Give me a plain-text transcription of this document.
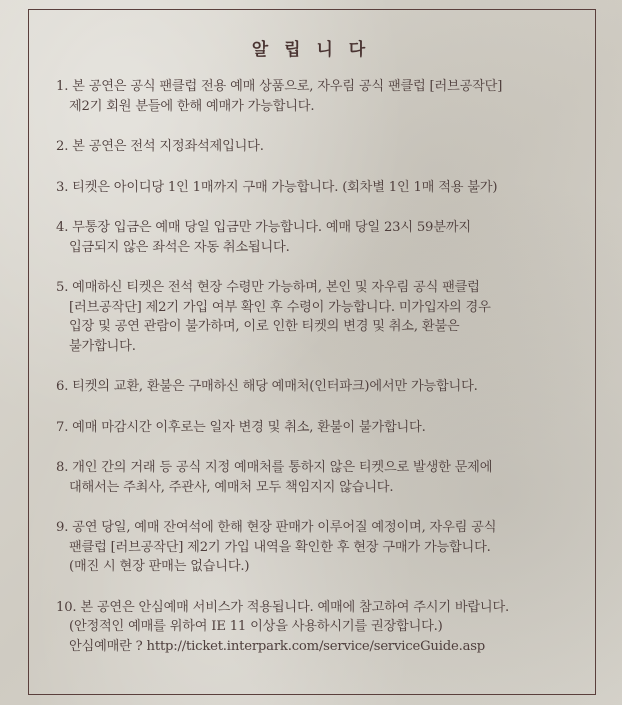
알 립 니 다
1. 본 공연은 공식 팬클럽 전용 예매 상품으로, 자우림 공식 팬클럽 [러브공작단]
제2기 회원 분들에 한해 예매가 가능합니다.
2. 본 공연은 전석 지정좌석제입니다.
3. 티켓은 아이디당 1인 1매까지 구매 가능합니다. (회차별 1인 1매 적용 불가)
4. 무통장 입금은 예매 당일 입금만 가능합니다. 예매 당일 23시 59분까지
입금되지 않은 좌석은 자동 취소됩니다.
5. 예매하신 티켓은 전석 현장 수령만 가능하며, 본인 및 자우림 공식 팬클럽
[러브공작단] 제2기 가입 여부 확인 후 수령이 가능합니다. 미가입자의 경우
입장 및 공연 관람이 불가하며, 이로 인한 티켓의 변경 및 취소, 환불은
불가합니다.
6. 티켓의 교환, 환불은 구매하신 해당 예매처(인터파크)에서만 가능합니다.
7. 예매 마감시간 이후로는 일자 변경 및 취소, 환불이 불가합니다.
8. 개인 간의 거래 등 공식 지정 예매처를 통하지 않은 티켓으로 발생한 문제에
대해서는 주최사, 주관사, 예매처 모두 책임지지 않습니다.
9. 공연 당일, 예매 잔여석에 한해 현장 판매가 이루어질 예정이며, 자우림 공식
팬클럽 [러브공작단] 제2기 가입 내역을 확인한 후 현장 구매가 가능합니다.
(매진 시 현장 판매는 없습니다.)
10. 본 공연은 안심예매 서비스가 적용됩니다. 예매에 참고하여 주시기 바랍니다.
(안정적인 예매를 위하여 IE 11 이상을 사용하시기를 권장합니다.)
안심예매란 ? http://ticket.interpark.com/service/serviceGuide.asp
